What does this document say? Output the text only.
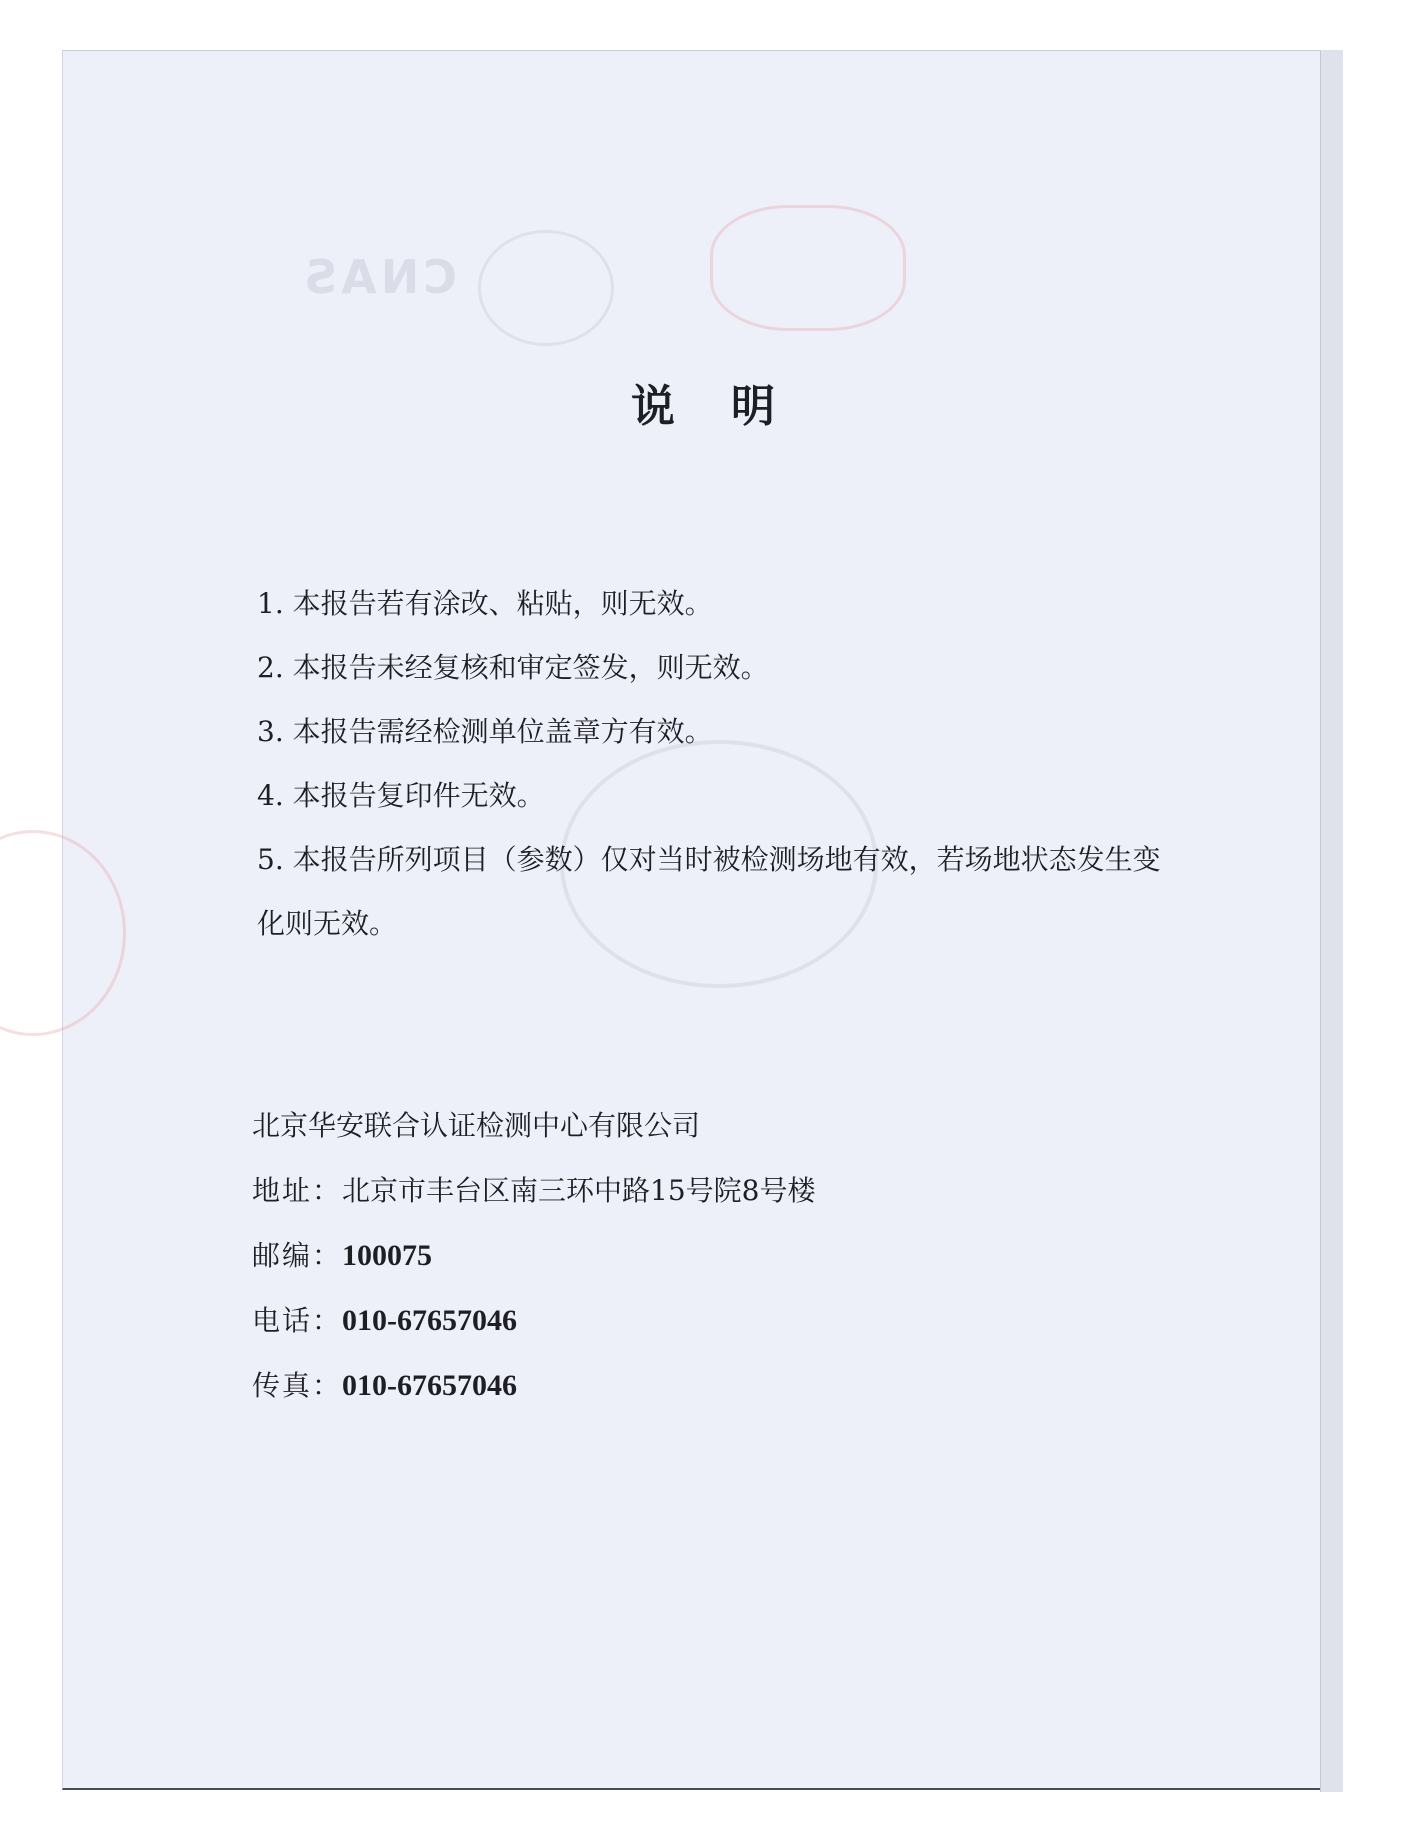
CNAS
说明
1. 本报告若有涂改、粘贴，则无效。
2. 本报告未经复核和审定签发，则无效。
3. 本报告需经检测单位盖章方有效。
4. 本报告复印件无效。
5. 本报告所列项目（参数）仅对当时被检测场地有效，若场地状态发生变化则无效。
北京华安联合认证检测中心有限公司
地址：北京市丰台区南三环中路15号院8号楼
邮编：100075
电话：010-67657046
传真：010-67657046
